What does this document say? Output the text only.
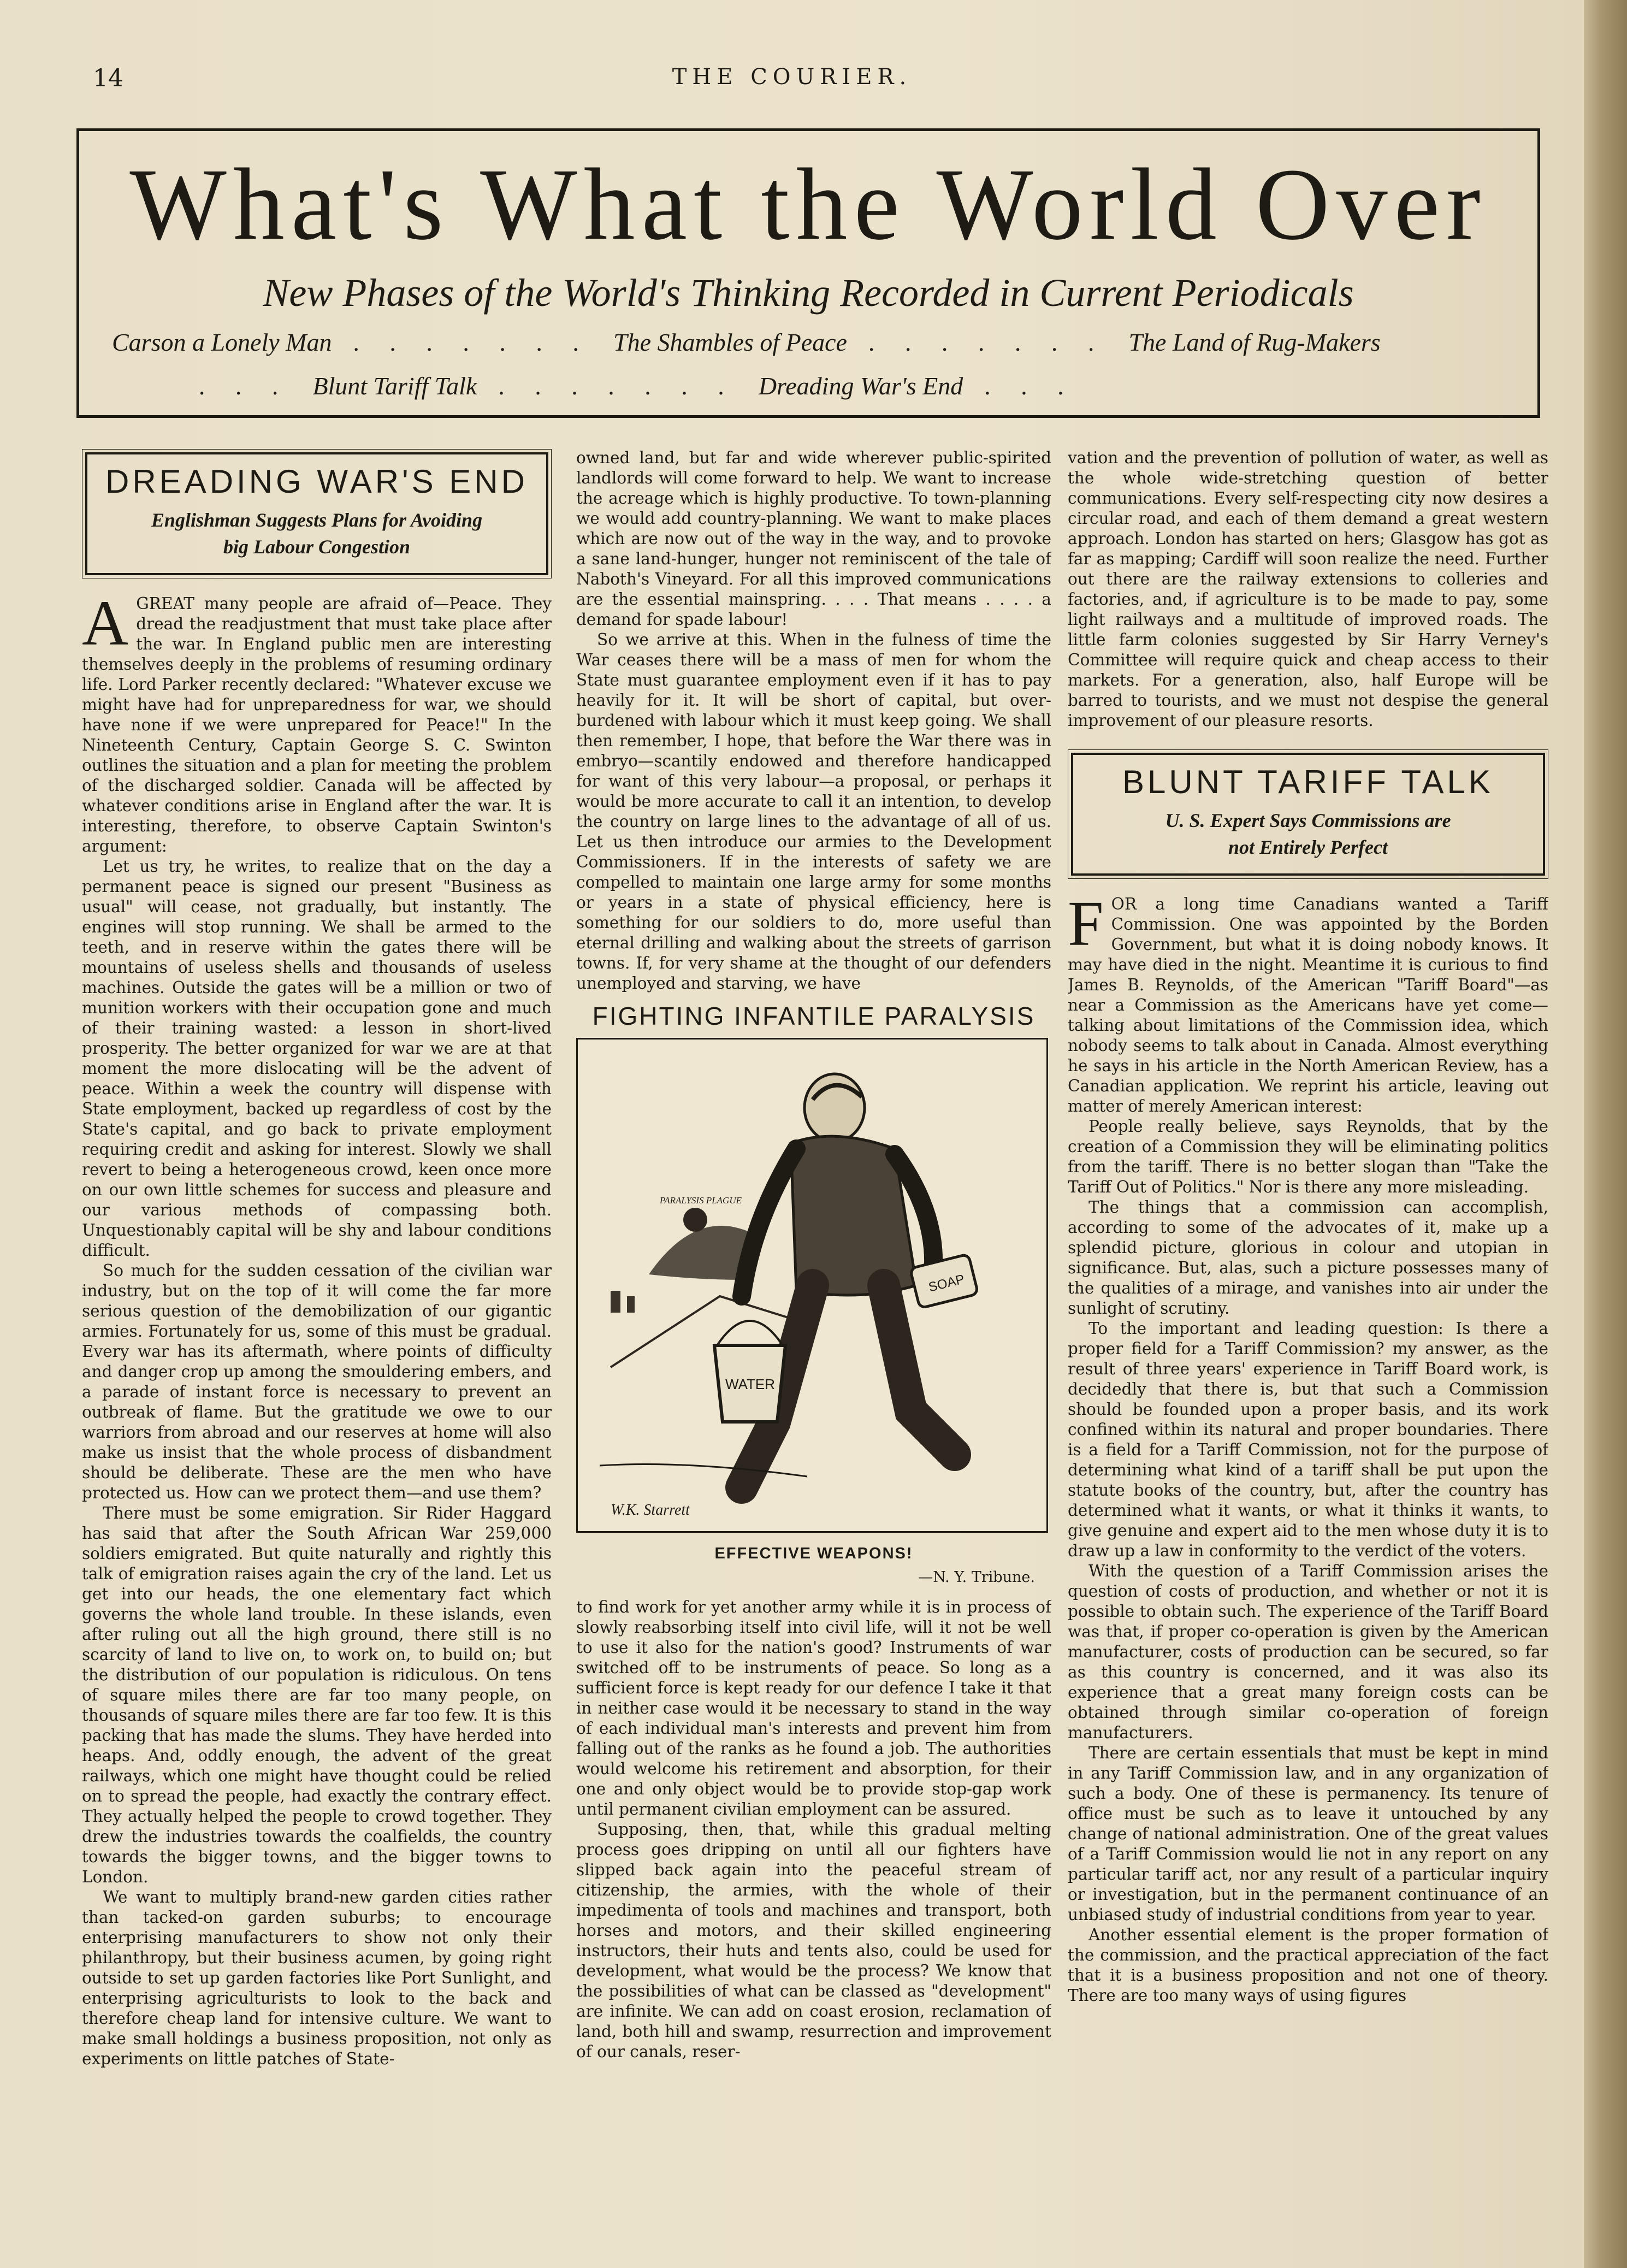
14	THE COURIER.
What's What the World Over
New Phases of the World's Thinking Recorded in Current Periodicals
Carson a Lonely Man . . . . . . . The Shambles of Peace . . . . . . . The Land of Rug-Makers
. . . Blunt Tariff Talk . . . . . . . Dreading War's End . . .
DREADING WAR'S END
Englishman Suggests Plans for Avoiding
big Labour Congestion

AGREAT many people are afraid of—Peace. They dread the readjustment that must take place after the war. In England public men are interesting themselves deeply in the problems of resuming ordinary life. Lord Parker recently declared: "Whatever excuse we might have had for unpreparedness for war, we should have none if we were unprepared for Peace!" In the Nineteenth Century, Captain George S. C. Swinton outlines the situation and a plan for meeting the problem of the discharged soldier. Canada will be affected by whatever conditions arise in England after the war. It is interesting, therefore, to observe Captain Swinton's argument:

Let us try, he writes, to realize that on the day a permanent peace is signed our present "Business as usual" will cease, not gradually, but instantly. The engines will stop running. We shall be armed to the teeth, and in reserve within the gates there will be mountains of useless shells and thousands of useless machines. Outside the gates will be a million or two of munition workers with their occupation gone and much of their training wasted: a lesson in short-lived prosperity. The better organized for war we are at that moment the more dislocating will be the advent of peace. Within a week the country will dispense with State employment, backed up regardless of cost by the State's capital, and go back to private employment requiring credit and asking for interest. Slowly we shall revert to being a heterogeneous crowd, keen once more on our own little schemes for success and pleasure and our various methods of compassing both. Unquestionably capital will be shy and labour conditions difficult.

So much for the sudden cessation of the civilian war industry, but on the top of it will come the far more serious question of the demobilization of our gigantic armies. Fortunately for us, some of this must be gradual. Every war has its aftermath, where points of difficulty and danger crop up among the smouldering embers, and a parade of instant force is necessary to prevent an outbreak of flame. But the gratitude we owe to our warriors from abroad and our reserves at home will also make us insist that the whole process of disbandment should be deliberate. These are the men who have protected us. How can we protect them—and use them?

There must be some emigration. Sir Rider Haggard has said that after the South African War 259,000 soldiers emigrated. But quite naturally and rightly this talk of emigration raises again the cry of the land. Let us get into our heads, the one elementary fact which governs the whole land trouble. In these islands, even after ruling out all the high ground, there still is no scarcity of land to live on, to work on, to build on; but the distribution of our population is ridiculous. On tens of square miles there are far too many people, on thousands of square miles there are far too few. It is this packing that has made the slums. They have herded into heaps. And, oddly enough, the advent of the great railways, which one might have thought could be relied on to spread the people, had exactly the contrary effect. They actually helped the people to crowd together. They drew the industries towards the coalfields, the country towards the bigger towns, and the bigger towns to London.

We want to multiply brand-new garden cities rather than tacked-on garden suburbs; to encourage enterprising manufacturers to show not only their philanthropy, but their business acumen, by going right outside to set up garden factories like Port Sunlight, and enterprising agriculturists to look to the back and therefore cheap land for intensive culture. We want to make small holdings a business proposition, not only as experiments on little patches of State-

owned land, but far and wide wherever public-spirited landlords will come forward to help. We want to increase the acreage which is highly productive. To town-planning we would add country-planning. We want to make places which are now out of the way in the way, and to provoke a sane land-hunger, hunger not reminiscent of the tale of Naboth's Vineyard. For all this improved communications are the essential mainspring. . . . That means . . . . a demand for spade labour!

So we arrive at this. When in the fulness of time the War ceases there will be a mass of men for whom the State must guarantee employment even if it has to pay heavily for it. It will be short of capital, but over-burdened with labour which it must keep going. We shall then remember, I hope, that before the War there was in embryo—scantily endowed and therefore handicapped for want of this very labour—a proposal, or perhaps it would be more accurate to call it an intention, to develop the country on large lines to the advantage of all of us. Let us then introduce our armies to the Development Commissioners. If in the interests of safety we are compelled to maintain one large army for some months or years in a state of physical efficiency, here is something for our soldiers to do, more useful than eternal drilling and walking about the streets of garrison towns. If, for very shame at the thought of our defenders unemployed and starving, we have

FIGHTING INFANTILE PARALYSIS
PARALYSIS PLAGUE
SOAP
WATER
W.K. Starrett
EFFECTIVE WEAPONS!
—N. Y. Tribune.

to find work for yet another army while it is in process of slowly reabsorbing itself into civil life, will it not be well to use it also for the nation's good? Instruments of war switched off to be instruments of peace. So long as a sufficient force is kept ready for our defence I take it that in neither case would it be necessary to stand in the way of each individual man's interests and prevent him from falling out of the ranks as he found a job. The authorities would welcome his retirement and absorption, for their one and only object would be to provide stop-gap work until permanent civilian employment can be assured.

Supposing, then, that, while this gradual melting process goes dripping on until all our fighters have slipped back again into the peaceful stream of citizenship, the armies, with the whole of their impedimenta of tools and machines and transport, both horses and motors, and their skilled engineering instructors, their huts and tents also, could be used for development, what would be the process? We know that the possibilities of what can be classed as "development" are infinite. We can add on coast erosion, reclamation of land, both hill and swamp, resurrection and improvement of our canals, reser-

vation and the prevention of pollution of water, as well as the whole wide-stretching question of better communications. Every self-respecting city now desires a circular road, and each of them demand a great western approach. London has started on hers; Glasgow has got as far as mapping; Cardiff will soon realize the need. Further out there are the railway extensions to colleries and factories, and, if agriculture is to be made to pay, some light railways and a multitude of improved roads. The little farm colonies suggested by Sir Harry Verney's Committee will require quick and cheap access to their markets. For a generation, also, half Europe will be barred to tourists, and we must not despise the general improvement of our pleasure resorts.

BLUNT TARIFF TALK
U. S. Expert Says Commissions are
not Entirely Perfect

FOR a long time Canadians wanted a Tariff Commission. One was appointed by the Borden Government, but what it is doing nobody knows. It may have died in the night. Meantime it is curious to find James B. Reynolds, of the American "Tariff Board"—as near a Commission as the Americans have yet come—talking about limitations of the Commission idea, which nobody seems to talk about in Canada. Almost everything he says in his article in the North American Review, has a Canadian application. We reprint his article, leaving out matter of merely American interest:

People really believe, says Reynolds, that by the creation of a Commission they will be eliminating politics from the tariff. There is no better slogan than "Take the Tariff Out of Politics." Nor is there any more misleading.

The things that a commission can accomplish, according to some of the advocates of it, make up a splendid picture, glorious in colour and utopian in significance. But, alas, such a picture possesses many of the qualities of a mirage, and vanishes into air under the sunlight of scrutiny.

To the important and leading question: Is there a proper field for a Tariff Commission? my answer, as the result of three years' experience in Tariff Board work, is decidedly that there is, but that such a Commission should be founded upon a proper basis, and its work confined within its natural and proper boundaries. There is a field for a Tariff Commission, not for the purpose of determining what kind of a tariff shall be put upon the statute books of the country, but, after the country has determined what it wants, or what it thinks it wants, to give genuine and expert aid to the men whose duty it is to draw up a law in conformity to the verdict of the voters.

With the question of a Tariff Commission arises the question of costs of production, and whether or not it is possible to obtain such. The experience of the Tariff Board was that, if proper co-operation is given by the American manufacturer, costs of production can be secured, so far as this country is concerned, and it was also its experience that a great many foreign costs can be obtained through similar co-operation of foreign manufacturers.

There are certain essentials that must be kept in mind in any Tariff Commission law, and in any organization of such a body. One of these is permanency. Its tenure of office must be such as to leave it untouched by any change of national administration. One of the great values of a Tariff Commission would lie not in any report on any particular tariff act, nor any result of a particular inquiry or investigation, but in the permanent continuance of an unbiased study of industrial conditions from year to year.

Another essential element is the proper formation of the commission, and the practical appreciation of the fact that it is a business proposition and not one of theory. There are too many ways of using figures
